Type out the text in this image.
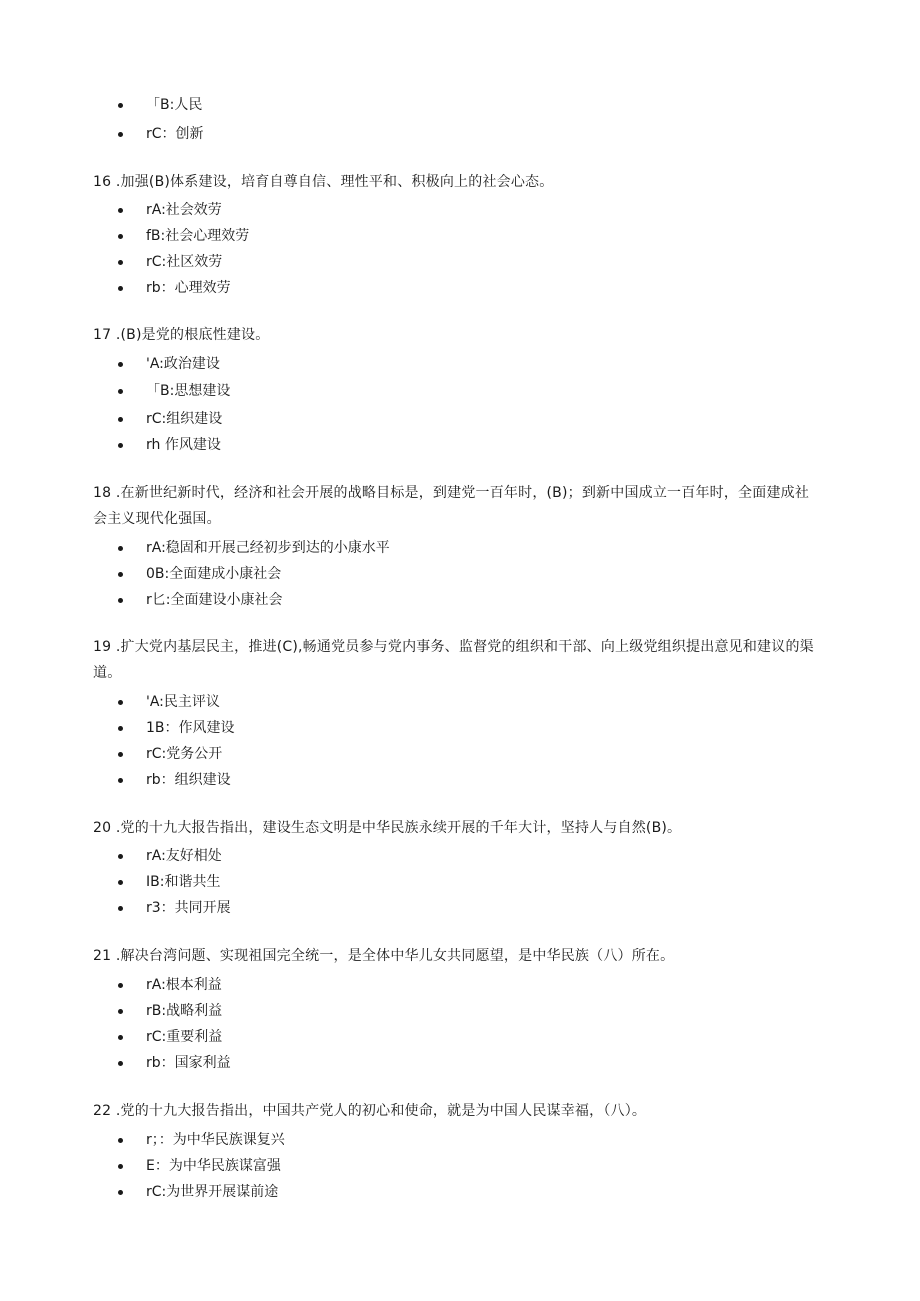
「B:人民
rC：创新
16 .加强(B)体系建设，培育自尊自信、理性平和、积极向上的社会心态。
rA:社会效劳
fB:社会心理效劳
rC:社区效劳
rb：心理效劳
17 .(B)是党的根底性建设。
'A:政治建设
「B:思想建设
rC:组织建设
rh 作风建设
18 .在新世纪新时代，经济和社会开展的战略目标是，到建党一百年时，(B)；到新中国成立一百年时，全面建成社会主义现代化强国。
rA:稳固和开展己经初步到达的小康水平
0B:全面建成小康社会
r匕:全面建设小康社会
19 .扩大党内基层民主，推进(C),畅通党员参与党内事务、监督党的组织和干部、向上级党组织提出意见和建议的渠道。
'A:民主评议
1B：作风建设
rC:党务公开
rb：组织建设
20 .党的十九大报告指出，建设生态文明是中华民族永续开展的千年大计，坚持人与自然(B)。
rA:友好相处
IB:和谐共生
r3：共同开展
21 .解决台湾问题、实现祖国完全统一，是全体中华儿女共同愿望，是中华民族（八）所在。
rA:根本利益
rB:战略利益
rC:重要利益
rb：国家利益
22 .党的十九大报告指出，中国共产党人的初心和使命，就是为中国人民谋幸福，（八）。
r；：为中华民族课复兴
E：为中华民族谋富强
rC:为世界开展谋前途
